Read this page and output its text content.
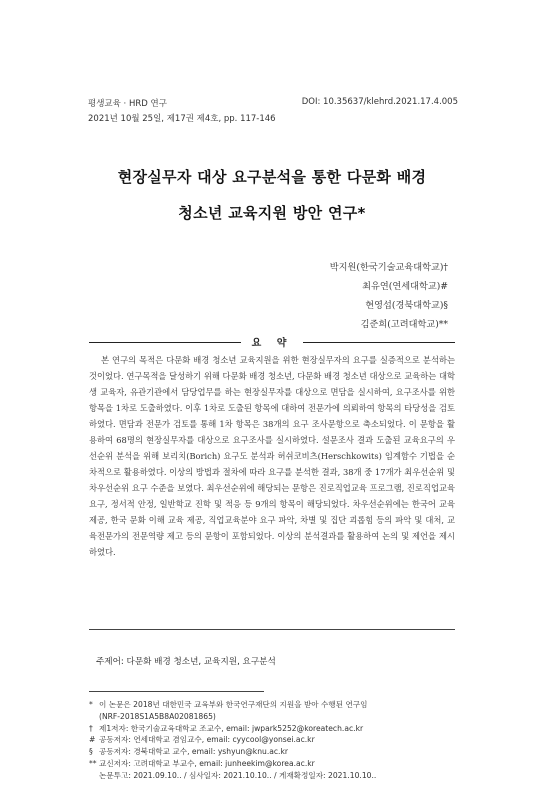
평생교육 · HRD 연구	DOI: 10.35637/klehrd.2021.17.4.005
2021년 10월 25일, 제17권 제4호, pp. 117-146
현장실무자 대상 요구분석을 통한 다문화 배경
청소년 교육지원 방안 연구*
박지원(한국기술교육대학교)†
최유연(연세대학교)#
현영섭(경북대학교)§
김준희(고려대학교)**
요 약

본 연구의 목적은 다문화 배경 청소년 교육지원을 위한 현장실무자의 요구를 실증적으로 분석하는 것이었다. 연구목적을 달성하기 위해 다문화 배경 청소년, 다문화 배경 청소년 대상으로 교육하는 대학생 교육자, 유관기관에서 담당업무를 하는 현장실무자를 대상으로 면담을 실시하여, 요구조사를 위한 항목을 1차로 도출하였다. 이후 1차로 도출된 항목에 대하여 전문가에 의뢰하여 항목의 타당성을 검토하였다. 면담과 전문가 검토를 통해 1차 항목은 38개의 요구 조사문항으로 축소되었다. 이 문항을 활용하여 68명의 현장실무자를 대상으로 요구조사를 실시하였다. 설문조사 결과 도출된 교육요구의 우선순위 분석을 위해 보리치(Borich) 요구도 분석과 허쉬코비츠(Herschkowits) 임계함수 기법을 순차적으로 활용하였다. 이상의 방법과 절차에 따라 요구를 분석한 결과, 38개 중 17개가 최우선순위 및 차우선순위 요구 수준을 보였다. 최우선순위에 해당되는 문항은 진로직업교육 프로그램, 진로직업교육 요구, 정서적 안정, 일반학교 진학 및 적응 등 9개의 항목이 해당되었다. 차우선순위에는 한국어 교육 제공, 한국 문화 이해 교육 제공, 직업교육분야 요구 파악, 차별 및 집단 괴롭힘 등의 파악 및 대처, 교육전문가의 전문역량 제고 등의 문항이 포함되었다. 이상의 분석결과를 활용하여 논의 및 제언을 제시하였다.

주제어: 다문화 배경 청소년, 교육지원, 요구분석
* 이 논문은 2018년 대한민국 교육부와 한국연구재단의 지원을 받아 수행된 연구임
(NRF-2018S1A5B8A02081865)
† 제1저자: 한국기술교육대학교 조교수, email: jwpark5252@koreatech.ac.kr
# 공동저자: 연세대학교 겸임교수, email: cyycool@yonsei.ac.kr
§ 공동저자: 경북대학교 교수, email: yshyun@knu.ac.kr
** 교신저자: 고려대학교 부교수, email: junheekim@korea.ac.kr
논문투고: 2021.09.10.. / 심사일자: 2021.10.10.. / 게재확정일자: 2021.10.10..
